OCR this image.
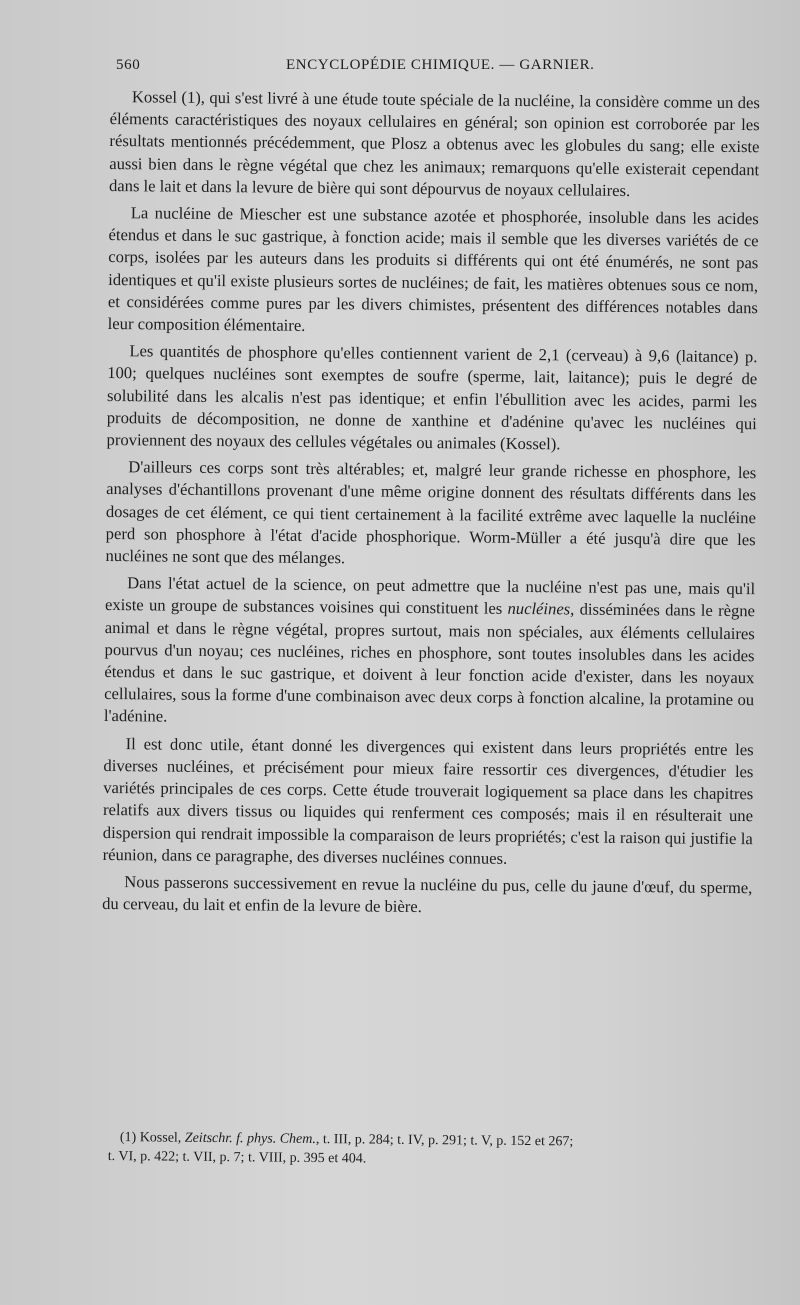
560	ENCYCLOPÉDIE CHIMIQUE. — GARNIER.

Kossel (1), qui s'est livré à une étude toute spéciale de la nucléine, la considère comme un des éléments caractéristiques des noyaux cellulaires en général; son opinion est corroborée par les résultats mentionnés précédemment, que Plosz a obtenus avec les globules du sang; elle existe aussi bien dans le règne végétal que chez les animaux; remarquons qu'elle existerait cependant dans le lait et dans la levure de bière qui sont dépourvus de noyaux cellulaires.

La nucléine de Miescher est une substance azotée et phosphorée, insoluble dans les acides étendus et dans le suc gastrique, à fonction acide; mais il semble que les diverses variétés de ce corps, isolées par les auteurs dans les produits si différents qui ont été énumérés, ne sont pas identiques et qu'il existe plusieurs sortes de nucléines; de fait, les matières obtenues sous ce nom, et considérées comme pures par les divers chimistes, présentent des différences notables dans leur composition élémentaire.

Les quantités de phosphore qu'elles contiennent varient de 2,1 (cerveau) à 9,6 (laitance) p. 100; quelques nucléines sont exemptes de soufre (sperme, lait, laitance); puis le degré de solubilité dans les alcalis n'est pas identique; et enfin l'ébullition avec les acides, parmi les produits de décomposition, ne donne de xanthine et d'adénine qu'avec les nucléines qui proviennent des noyaux des cellules végétales ou animales (Kossel).

D'ailleurs ces corps sont très altérables; et, malgré leur grande richesse en phosphore, les analyses d'échantillons provenant d'une même origine donnent des résultats différents dans les dosages de cet élément, ce qui tient certainement à la facilité extrême avec laquelle la nucléine perd son phosphore à l'état d'acide phosphorique. Worm-Müller a été jusqu'à dire que les nucléines ne sont que des mélanges.

Dans l'état actuel de la science, on peut admettre que la nucléine n'est pas une, mais qu'il existe un groupe de substances voisines qui constituent les nucléines, disséminées dans le règne animal et dans le règne végétal, propres surtout, mais non spéciales, aux éléments cellulaires pourvus d'un noyau; ces nucléines, riches en phosphore, sont toutes insolubles dans les acides étendus et dans le suc gastrique, et doivent à leur fonction acide d'exister, dans les noyaux cellulaires, sous la forme d'une combinaison avec deux corps à fonction alcaline, la protamine ou l'adénine.

Il est donc utile, étant donné les divergences qui existent dans leurs propriétés entre les diverses nucléines, et précisément pour mieux faire ressortir ces divergences, d'étudier les variétés principales de ces corps. Cette étude trouverait logiquement sa place dans les chapitres relatifs aux divers tissus ou liquides qui renferment ces composés; mais il en résulterait une dispersion qui rendrait impossible la comparaison de leurs propriétés; c'est la raison qui justifie la réunion, dans ce paragraphe, des diverses nucléines connues.

Nous passerons successivement en revue la nucléine du pus, celle du jaune d'œuf, du sperme, du cerveau, du lait et enfin de la levure de bière.

(1) Kossel, Zeitschr. f. phys. Chem., t. III, p. 284; t. IV, p. 291; t. V, p. 152 et 267;
t. VI, p. 422; t. VII, p. 7; t. VIII, p. 395 et 404.
